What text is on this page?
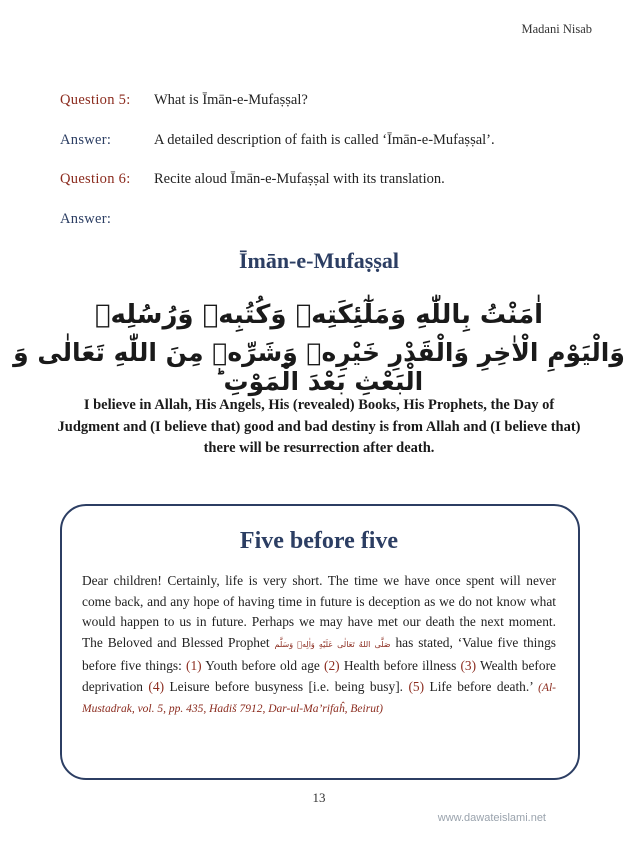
Madani Nisab
Question 5:	What is Īmān-e-Mufaṣṣal?
Answer:	A detailed description of faith is called ‘Īmān-e-Mufaṣṣal’.
Question 6:	Recite aloud Īmān-e-Mufaṣṣal with its translation.
Answer:
Īmān-e-Mufaṣṣal
اٰمَنْتُ بِاللّٰهِ وَمَلٰٓئِكَتِهٖ وَكُتُبِهٖ وَرُسُلِهٖ
وَالْيَوْمِ الْاٰخِرِ وَالْقَدْرِ خَيْرِهٖ وَشَرِّهٖ مِنَ اللّٰهِ تَعَالٰى وَ الْبَعْثِ بَعْدَ الْمَوْتِ ؕ
I believe in Allah, His Angels, His (revealed) Books, His Prophets, the Day of Judgment and (I believe that) good and bad destiny is from Allah and (I believe that) there will be resurrection after death.
Five before five
Dear children! Certainly, life is very short. The time we have once spent will never come back, and any hope of having time in future is deception as we do not know what would happen to us in future. Perhaps we may have met our death the next moment. The Beloved and Blessed Prophet صَلَّى اللهُ تَعَالٰى عَلَيْهِ وَاٰلِهٖ وَسَلَّم has stated, ‘Value five things before five things: (1) Youth before old age (2) Health before illness (3) Wealth before deprivation (4) Leisure before busyness [i.e. being busy]. (5) Life before death.’ (Al-Mustadrak, vol. 5, pp. 435, Hadiš 7912, Dar-ul-Ma’rifaĥ, Beirut)
13
www.dawateislami.net
